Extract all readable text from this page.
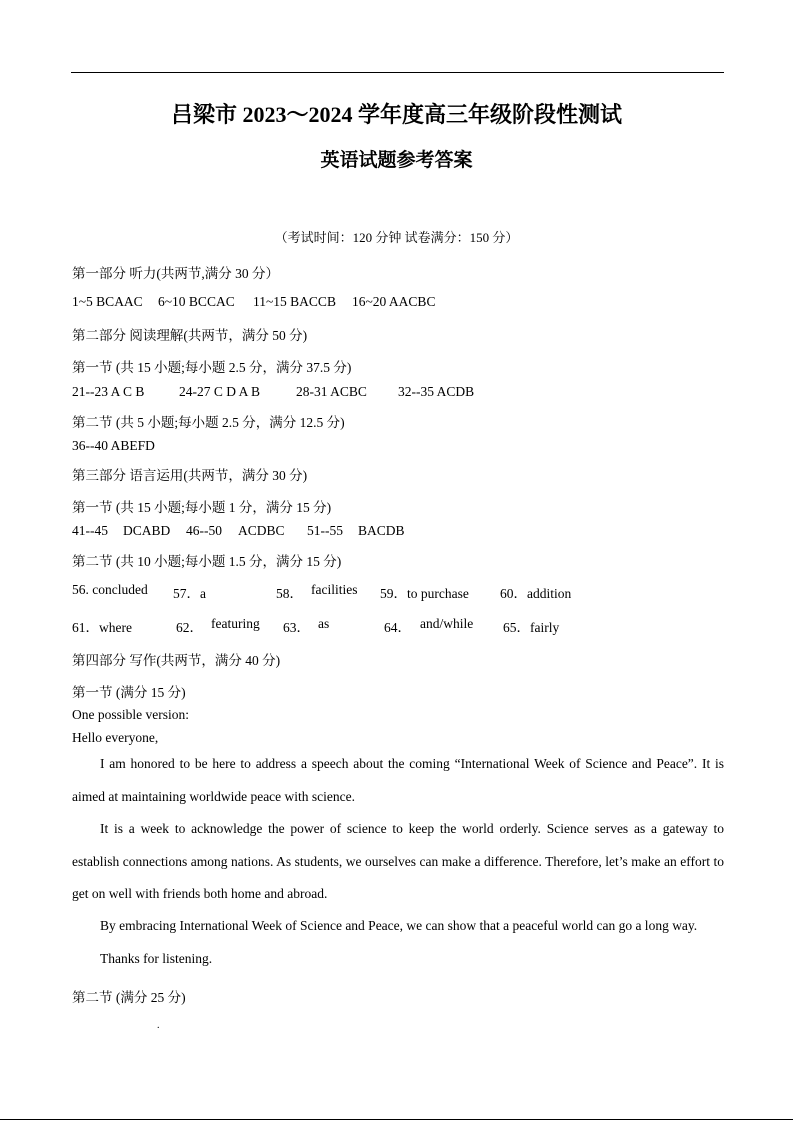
吕梁市 2023～2024 学年度高三年级阶段性测试
英语试题参考答案
（考试时间：120 分钟 试卷满分：150 分）
第一部分 听力(共两节,满分 30 分）
1~5 BCAAC 6~10 BCCAC 11~15 BACCB 16~20 AACBC
第二部分 阅读理解(共两节，满分 50 分)
第一节 (共 15 小题;每小题 2.5 分，满分 37.5 分)
21--23 A C B	24-27 C D A B	28-31 ACBC 32--35 ACDB
第二节 (共 5 小题;每小题 2.5 分，满分 12.5 分)
36--40 ABEFD
第三部分 语言运用(共两节，满分 30 分)
第一节 (共 15 小题;每小题 1 分，满分 15 分)
41--45 DCABD 46--50 ACDBC 51--55 BACDB
第二节 (共 10 小题;每小题 1.5 分，满分 15 分)
56. concluded 57．a	58． facilities 59．to purchase 60．addition
61．where	62． featuring 63． as	64． and/while 65．fairly
第四部分 写作(共两节，满分 40 分)
第一节 (满分 15 分)
One possible version:
Hello everyone,
I am honored to be here to address a speech about the coming “International Week of Science and Peace”. It is aimed at maintaining worldwide peace with science.
It is a week to acknowledge the power of science to keep the world orderly. Science serves as a gateway to establish connections among nations. As students, we ourselves can make a difference. Therefore, let’s make an effort to get on well with friends both home and abroad.
By embracing International Week of Science and Peace, we can show that a peaceful world can go a long way.
Thanks for listening.
第二节 (满分 25 分)
.
